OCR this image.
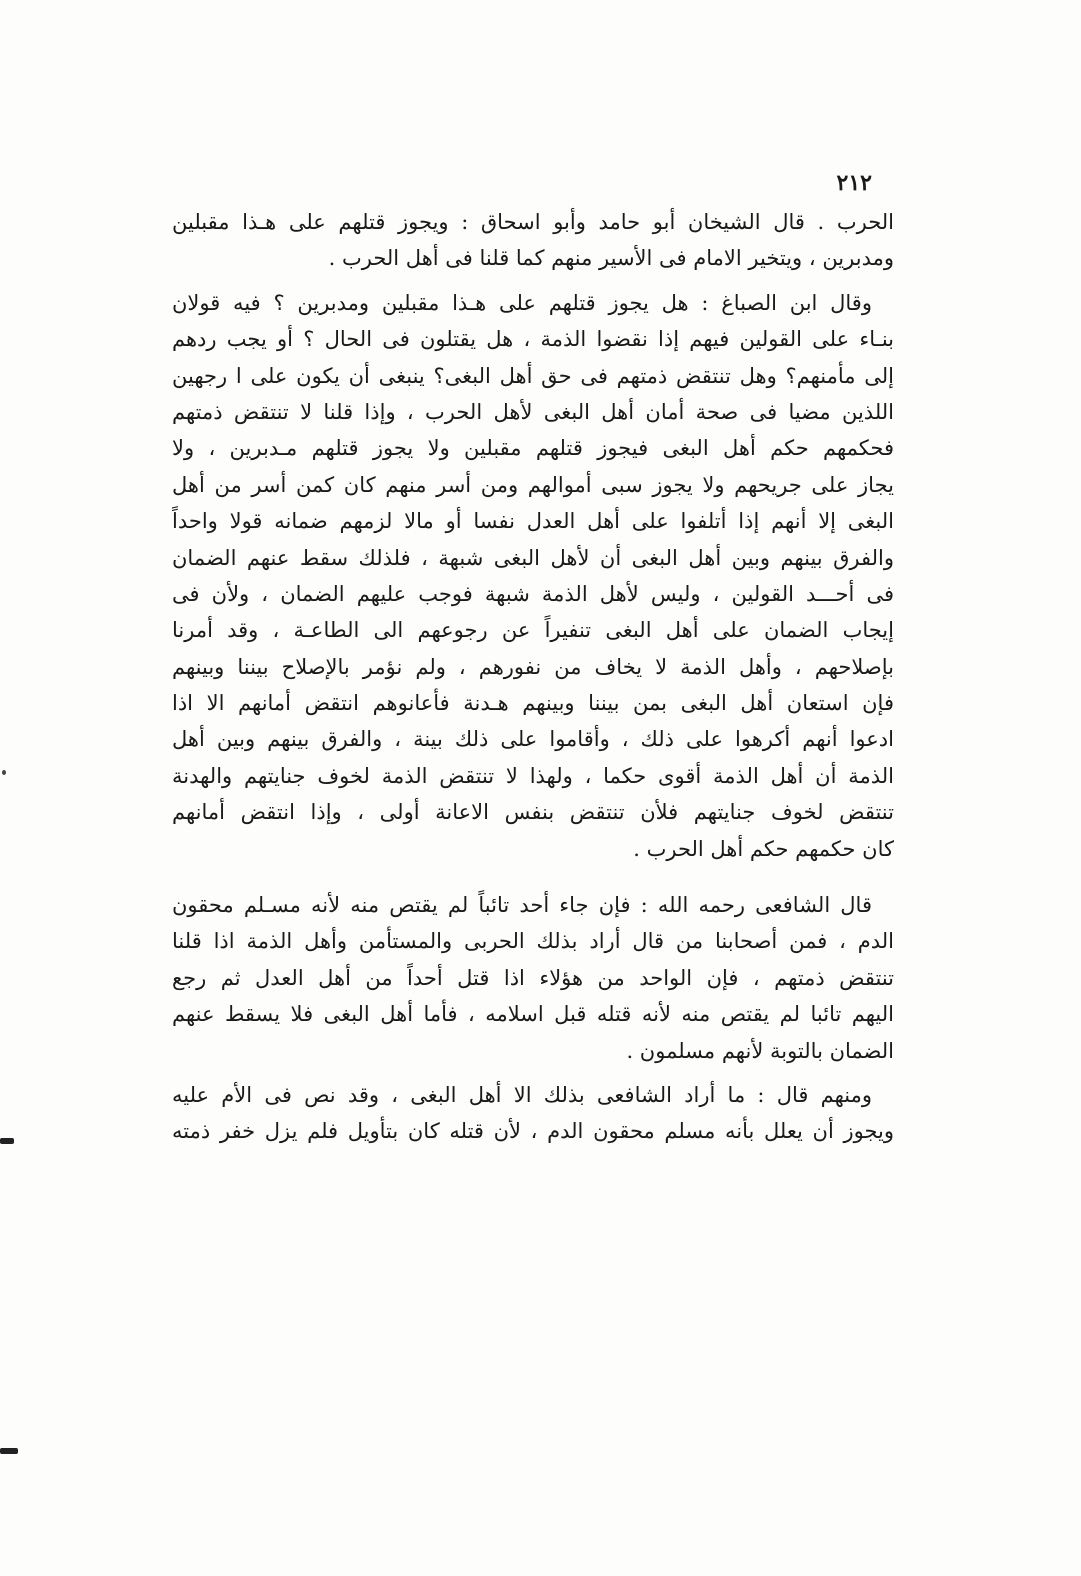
٢١٢
الحرب . قال الشيخان أبو حامد وأبو اسحاق : ويجوز قتلهم على هـذا مقبلين
ومدبرين ، ويتخير الامام فى الأسير منهم كما قلنا فى أهل الحرب .
وقال ابن الصباغ : هل يجوز قتلهم على هـذا مقبلين ومدبرين ؟ فيه قولان
بنـاء على القولين فيهم إذا نقضوا الذمة ، هل يقتلون فى الحال ؟ أو يجب ردهم
إلى مأمنهم؟ وهل تنتقض ذمتهم فى حق أهل البغى؟ ينبغى أن يكون على ا رجهين
اللذين مضيا فى صحة أمان أهل البغى لأهل الحرب ، وإذا قلنا لا تنتقض ذمتهم
فحكمهم حكم أهل البغى فيجوز قتلهم مقبلين ولا يجوز قتلهم مـدبرين ، ولا
يجاز على جريحهم ولا يجوز سبى أموالهم ومن أسر منهم كان كمن أسر من أهل
البغى إلا أنهم إذا أتلفوا على أهل العدل نفسا أو مالا لزمهم ضمانه قولا واحداً
والفرق بينهم وبين أهل البغى أن لأهل البغى شبهة ، فلذلك سقط عنهم الضمان
فى أحـــد القولين ، وليس لأهل الذمة شبهة فوجب عليهم الضمان ، ولأن فى
إيجاب الضمان على أهل البغى تنفيراً عن رجوعهم الى الطاعـة ، وقد أمرنا
بإصلاحهم ، وأهل الذمة لا يخاف من نفورهم ، ولم نؤمر بالإصلاح بيننا وبينهم
فإن استعان أهل البغى بمن بيننا وبينهم هـدنة فأعانوهم انتقض أمانهم الا اذا
ادعوا أنهم أكرهوا على ذلك ، وأقاموا على ذلك بينة ، والفرق بينهم وبين أهل
الذمة أن أهل الذمة أقوى حكما ، ولهذا لا تنتقض الذمة لخوف جنايتهم والهدنة
تنتقض لخوف جنايتهم فلأن تنتقض بنفس الاعانة أولى ، وإذا انتقض أمانهم
كان حكمهم حكم أهل الحرب .
قال الشافعى رحمه الله : فإن جاء أحد تائباً لم يقتص منه لأنه مسـلم محقون
الدم ، فمن أصحابنا من قال أراد بذلك الحربى والمستأمن وأهل الذمة اذا قلنا
تنتقض ذمتهم ، فإن الواحد من هؤلاء اذا قتل أحداً من أهل العدل ثم رجع
اليهم تائبا لم يقتص منه لأنه قتله قبل اسلامه ، فأما أهل البغى فلا يسقط عنهم
الضمان بالتوبة لأنهم مسلمون .
ومنهم قال : ما أراد الشافعى بذلك الا أهل البغى ، وقد نص فى الأم عليه
ويجوز أن يعلل بأنه مسلم محقون الدم ، لأن قتله كان بتأويل فلم يزل خفر ذمته
